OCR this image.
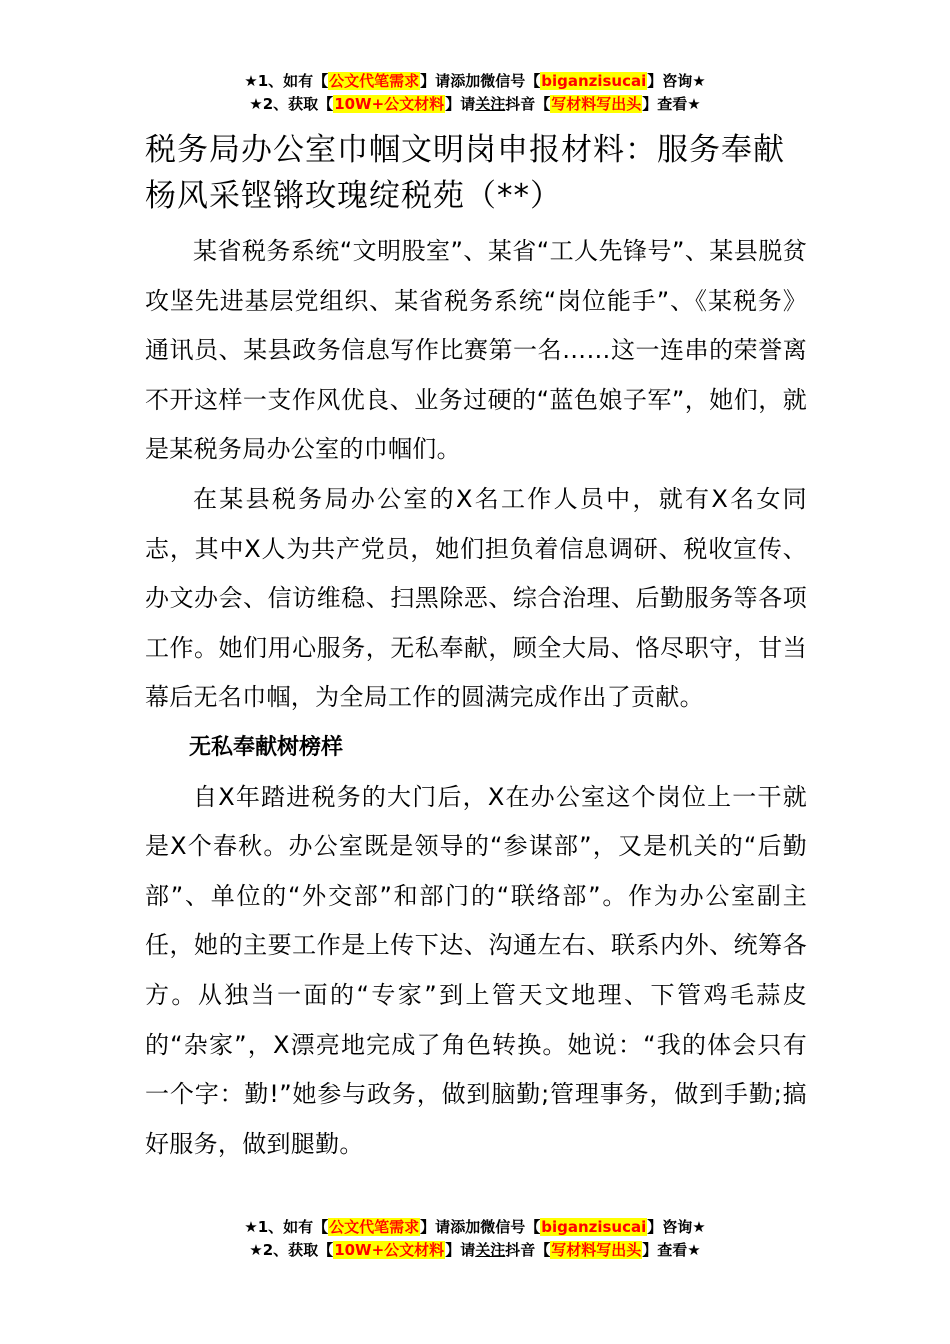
★1、如有【公文代笔需求】请添加微信号【biganzisucai】咨询★
★2、获取【10W+公文材料】请关注抖音【写材料写出头】查看★
税务局办公室巾帼文明岗申报材料：服务奉献杨风采铿锵玫瑰绽税苑（**）

某省税务系统“文明股室”、某省“工人先锋号”、某县脱贫攻坚先进基层党组织、某省税务系统“岗位能手”、《某税务》通讯员、某县政务信息写作比赛第一名……这一连串的荣誉离不开这样一支作风优良、业务过硬的“蓝色娘子军”，她们，就是某税务局办公室的巾帼们。

在某县税务局办公室的X名工作人员中，就有X名女同志，其中X人为共产党员，她们担负着信息调研、税收宣传、办文办会、信访维稳、扫黑除恶、综合治理、后勤服务等各项工作。她们用心服务，无私奉献，顾全大局、恪尽职守，甘当幕后无名巾帼，为全局工作的圆满完成作出了贡献。

无私奉献树榜样

自X年踏进税务的大门后，X在办公室这个岗位上一干就是X个春秋。办公室既是领导的“参谋部”，又是机关的“后勤部”、单位的“外交部”和部门的“联络部”。作为办公室副主任，她的主要工作是上传下达、沟通左右、联系内外、统筹各方。从独当一面的“专家”到上管天文地理、下管鸡毛蒜皮的“杂家”，X漂亮地完成了角色转换。她说：“我的体会只有一个字：勤!”她参与政务，做到脑勤;管理事务，做到手勤;搞好服务，做到腿勤。

★1、如有【公文代笔需求】请添加微信号【biganzisucai】咨询★
★2、获取【10W+公文材料】请关注抖音【写材料写出头】查看★
